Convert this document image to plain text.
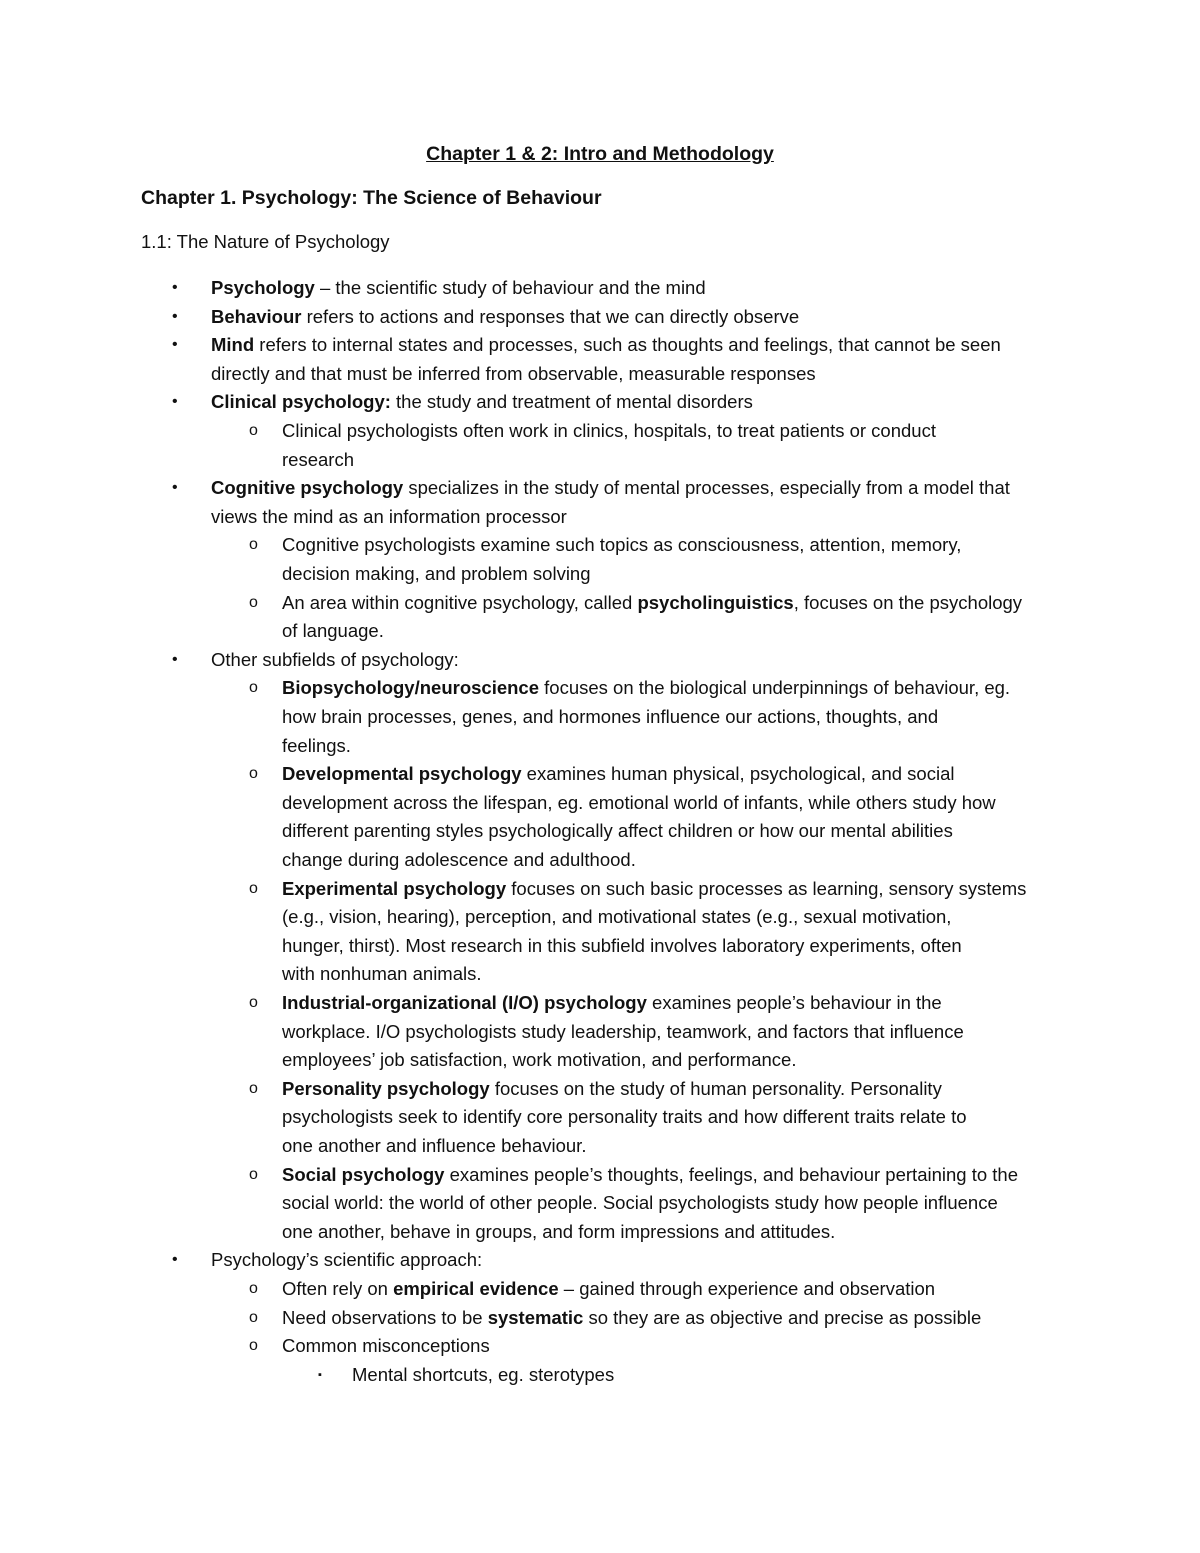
Chapter 1 & 2: Intro and Methodology
Chapter 1. Psychology: The Science of Behaviour
1.1: The Nature of Psychology
• Psychology – the scientific study of behaviour and the mind
• Behaviour refers to actions and responses that we can directly observe
• Mind refers to internal states and processes, such as thoughts and feelings, that cannot be seen
directly and that must be inferred from observable, measurable responses
• Clinical psychology: the study and treatment of mental disorders
o Clinical psychologists often work in clinics, hospitals, to treat patients or conduct
research
• Cognitive psychology specializes in the study of mental processes, especially from a model that
views the mind as an information processor
o Cognitive psychologists examine such topics as consciousness, attention, memory,
decision making, and problem solving
o An area within cognitive psychology, called psycholinguistics, focuses on the psychology
of language.
• Other subfields of psychology:
o Biopsychology/neuroscience focuses on the biological underpinnings of behaviour, eg.
how brain processes, genes, and hormones influence our actions, thoughts, and
feelings.
o Developmental psychology examines human physical, psychological, and social
development across the lifespan, eg. emotional world of infants, while others study how
different parenting styles psychologically affect children or how our mental abilities
change during adolescence and adulthood.
o Experimental psychology focuses on such basic processes as learning, sensory systems
(e.g., vision, hearing), perception, and motivational states (e.g., sexual motivation,
hunger, thirst). Most research in this subfield involves laboratory experiments, often
with nonhuman animals.
o Industrial-organizational (I/O) psychology examines people’s behaviour in the
workplace. I/O psychologists study leadership, teamwork, and factors that influence
employees’ job satisfaction, work motivation, and performance.
o Personality psychology focuses on the study of human personality. Personality
psychologists seek to identify core personality traits and how different traits relate to
one another and influence behaviour.
o Social psychology examines people’s thoughts, feelings, and behaviour pertaining to the
social world: the world of other people. Social psychologists study how people influence
one another, behave in groups, and form impressions and attitudes.
• Psychology’s scientific approach:
o Often rely on empirical evidence – gained through experience and observation
o Need observations to be systematic so they are as objective and precise as possible
o Common misconceptions
▪ Mental shortcuts, eg. sterotypes
